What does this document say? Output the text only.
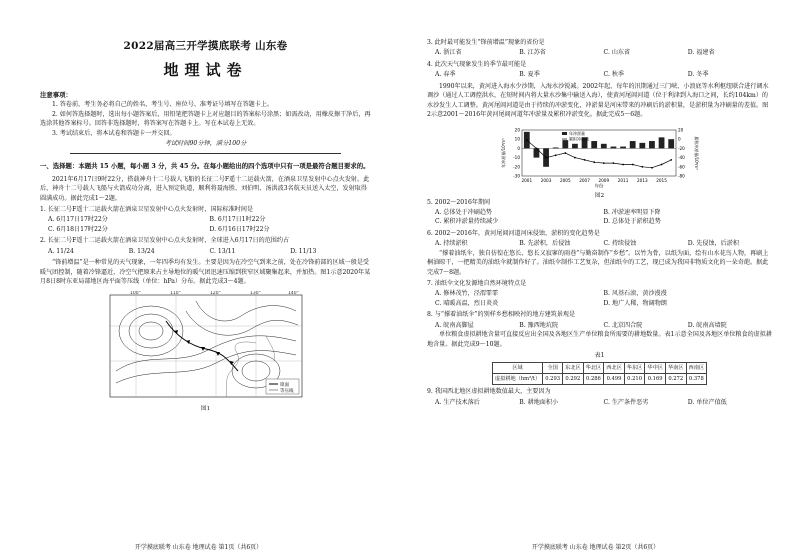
2022届高三开学摸底联考 山东卷

地理试卷

注意事项：

1. 答卷前，考生务必将自己的姓名、考生号、座位号、准考证号填写在答题卡上。

2. 如何答选择题时，选出每小题答案后，用铅笔把答题卡上对应题目的答案标号涂黑；如需改动，用橡皮擦干净后，再选涂其他答案标号。回答非选择题时，将答案写在答题卡上。写在本试卷上无效。

3. 考试结束后，将本试卷和答题卡一并交回。

考试时间90分钟，满分100分

一、选择题：本题共 15 小题，每小题 3 分，共 45 分。在每小题给出的四个选项中只有一项是最符合题目要求的。

2021年6月17日9时22分，搭载神舟十二号载人飞船的长征二号F遥十二运载火箭，在酒泉卫星发射中心点火发射。此后，神舟十二号载人飞船与火箭成功分离，进入预定轨道，顺利将聂海胜、刘伯明、汤洪波3名航天员送入太空，发射取得圆满成功。据此完成1～2题。

1. 长征二号F遥十二运载火箭在酒泉卫星发射中心点火发射时，国际标准时间是

A. 6月17日17时22分	B. 6月17日1时22分
C. 6月18日17时22分	D. 6月16日17时22分

2. 长征二号F遥十二运载火箭在酒泉卫星发射中心点火发射时，全球进入6月17日的范围约占

A. 11/24	B. 13/24	C. 13/11	D. 11/13

“锋前增温”是一种常见的天气现象，一年四季均有发生。主要是因为在冷空气到来之前，处在冷锋前部的区域一般是受暖气团控制，随着冷锋逼近，冷空气把原来占主导地位的暖气团迅速压缩到狭窄区域聚集起来，并加热。图1示意2020年某月8日8时东亚局部地区海平面等压线（单位：hPa）分布。据此完成3～4题。

锋面
等压线
100°	110°	120°	130°	140°
图1
开学摸底联考 山东卷 地理试卷 第1页（共6页）

3. 此时最可能发生“锋前增温”现象的省份是

A. 浙江省	B. 江苏省	C. 山东省	D. 福建省

4. 此次天气现象发生的季节最可能是

A. 春季	B. 夏季	C. 秋季	D. 冬季

1990年以来，黄河进入海水少沙期，入海水沙锐减。2002年起，每年的汛期通过三门峡、小浪底等水利枢纽联合进行调水调沙（通过人工调控洪水，在短时间内将大量水沙集中输送入海），使黄河尾闾河道（位于利津到入海口之间，长约104km）的水沙发生人工调整。黄河尾闾河道是由于持续的冲淤变化，冲淤量是河床带来的冲刷后的淤积量，是淤积量为冲刷量的差值。图2示意2001～2016年黄河尾闾河道年冲淤量及累积冲淤变化。据此完成5～6题。

20
10
0
-10
-20
-30
20
0
-20
-40
-60
-80
2001 2003 2005 2007 2009 2011 2013 2015
年份
年冲淤量/10⁶m³	累积冲淤量/10⁶m³
年冲淤量
累积冲淤量
图2

5. 2002～2016年期间

A. 总体处于冲刷趋势	B. 冲淤速率明显下降
C. 累积冲淤量持续减少	D. 总体处于淤积趋势

6. 2002～2016年，黄河尾闾河道河床侵蚀、淤积的变化趋势是

A. 持续淤积	B. 先淤积，后侵蚀	C. 持续侵蚀	D. 先侵蚀，后淤积

“撑着油纸伞，独自彷徨在悠长、悠长又寂寥的雨巷”与勤奋制作“乡愁”。以竹为骨，以纸为面，绘有山水花鸟人物，再刷上桐油晾干，一把精美的油纸伞就制作好了。油纸伞制作工艺复杂，但油纸伞的工艺，现已成为我国非物质文化的一朵奇葩。据此完成7～8题。

7. 油纸伞文化发源地自然环境特点是

A. 修林茂竹，泾渭霏霏	B. 风基石滚，黄沙漫漫
C. 晴暖高温，烈日炎炎	D. 地广人稀，物阔物朗

8. 与“撑着油纸伞”的别样乡愁相映衬的地方建筑景观是

A. 皖南高脚屋	B. 豫西地坑院	C. 北京四合院	D. 皖南高墙院

单位粮食虚拟耕地含量可直接反应出全国及各地区生产单位粮食所需要的耕地数量。表1示意全国及各地区单位粮食的虚拟耕地含量。据此完成9～10题。

表1
区域	全国	东北区	华北区	西北区	华东区	华中区	华南区	西南区
虚拟耕地（hm²/t）	0.293	0.292	0.286	0.499	0.210	0.169	0.272	0.378

9. 我国西北地区虚拟耕地数值最大，主要因为

A. 生产技术落后	B. 耕地面积小	C. 生产条件恶劣	D. 单位产值低
开学摸底联考 山东卷 地理试卷 第2页（共6页）
